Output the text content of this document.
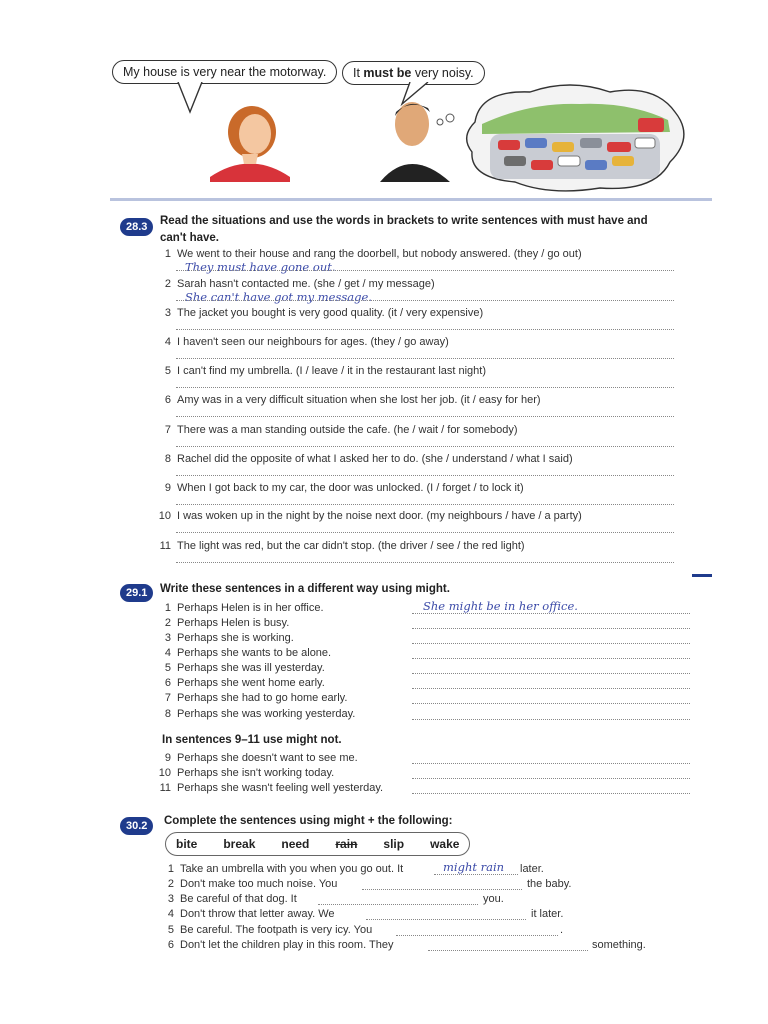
My house is very near the motorway.	It must be very noisy.
28.3	Read the situations and use the words in brackets to write sentences with must have and
can't have.
1 We went to their house and rang the doorbell, but nobody answered. (they / go out)
They must have gone out.
2 Sarah hasn't contacted me. (she / get / my message)
She can't have got my message.
3 The jacket you bought is very good quality. (it / very expensive)
4 I haven't seen our neighbours for ages. (they / go away)
5 I can't find my umbrella. (I / leave / it in the restaurant last night)
6 Amy was in a very difficult situation when she lost her job. (it / easy for her)
7 There was a man standing outside the cafe. (he / wait / for somebody)
8 Rachel did the opposite of what I asked her to do. (she / understand / what I said)
9 When I got back to my car, the door was unlocked. (I / forget / to lock it)
10 I was woken up in the night by the noise next door. (my neighbours / have / a party)
11 The light was red, but the car didn't stop. (the driver / see / the red light)
29.1	Write these sentences in a different way using might.
1 Perhaps Helen is in her office.	She might be in her office.
2 Perhaps Helen is busy.
3 Perhaps she is working.
4 Perhaps she wants to be alone.
5 Perhaps she was ill yesterday.
6 Perhaps she went home early.
7 Perhaps she had to go home early.
8 Perhaps she was working yesterday.
In sentences 9–11 use might not.
9 Perhaps she doesn't want to see me.
10 Perhaps she isn't working today.
11 Perhaps she wasn't feeling well yesterday.
30.2	Complete the sentences using might + the following:
bite break need rain slip wake
1 Take an umbrella with you when you go out. It	might rain later.
2 Don't make too much noise. You	the baby.
3 Be careful of that dog. It	you.
4 Don't throw that letter away. We	it later.
5 Be careful. The footpath is very icy. You	.
6 Don't let the children play in this room. They	something.
